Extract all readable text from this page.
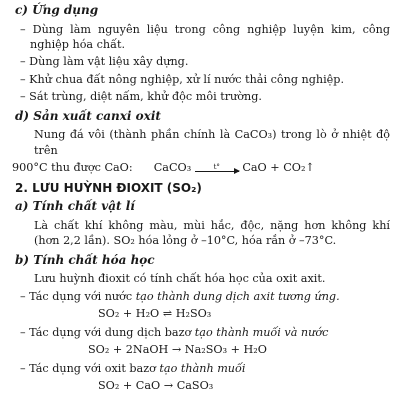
c) Ứng dụng
– Dùng làm nguyên liệu trong công nghiệp luyện kim, công nghiệp hóa chất.
– Dùng làm vật liệu xây dựng.
– Khử chua đất nông nghiệp, xử lí nước thải công nghiệp.
– Sát trùng, diệt nấm, khử độc môi trường.
d) Sản xuất canxi oxit
Nung đá vôi (thành phần chính là CaCO₃) trong lò ở nhiệt độ trên
900°C thu được CaO: CaCO₃	t°	CaO + CO₂↑
2. LƯU HUỲNH ĐIOXIT (SO₂)
a) Tính chất vật lí
Là chất khí không màu, mùi hắc, độc, nặng hơn không khí (hơn 2,2 lần). SO₂ hóa lỏng ở –10°C, hóa rắn ở –73°C.
b) Tính chất hóa học
Lưu huỳnh đioxit có tính chất hóa học của oxit axit.
– Tác dụng với nước tạo thành dung dịch axit tương ứng.
SO₂ + H₂O ⇌ H₂SO₃
– Tác dụng với dung dịch bazơ tạo thành muối và nước
SO₂ + 2NaOH → Na₂SO₃ + H₂O
– Tác dụng với oxit bazơ tạo thành muối
SO₂ + CaO → CaSO₃
